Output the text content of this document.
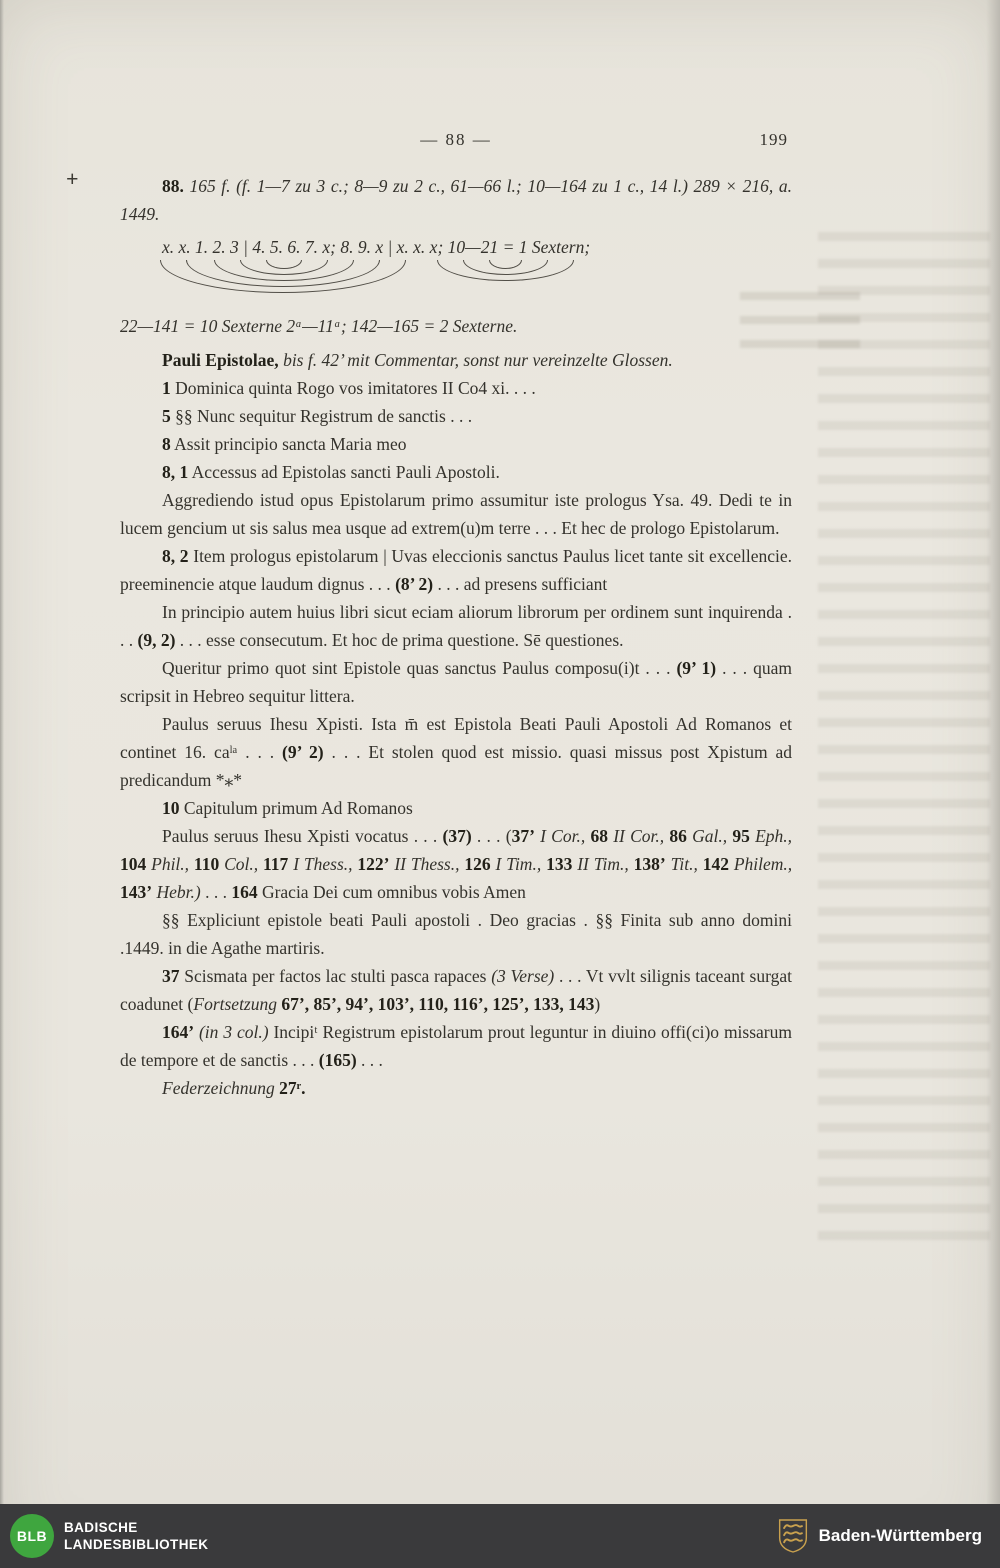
+
— 88 —	199

88. 165 f. (f. 1—7 zu 3 c.; 8—9 zu 2 c., 61—66 l.; 10—164 zu 1 c., 14 l.) 289 × 216, a. 1449.

x. x. 1. 2. 3 | 4. 5. 6. 7. x; 8. 9. x | x. x. x; 10—21 = 1 Sextern;

22—141 = 10 Sexterne 2ᵃ—11ᵃ; 142—165 = 2 Sexterne.

Pauli Epistolae, bis f. 42’ mit Commentar, sonst nur vereinzelte Glossen.

1 Dominica quinta Rogo vos imitatores II Co4 xi. . . .

5 §§ Nunc sequitur Registrum de sanctis . . .

8 Assit principio sancta Maria meo

8, 1 Accessus ad Epistolas sancti Pauli Apostoli.

Aggrediendo istud opus Epistolarum primo assumitur iste prologus Ysa. 49. Dedi te in lucem gencium ut sis salus mea usque ad extrem(u)m terre . . . Et hec de prologo Epistolarum.

8, 2 Item prologus epistolarum | Uvas eleccionis sanctus Paulus licet tante sit excellencie. preeminencie atque laudum dignus . . . (8’ 2) . . . ad presens sufficiant

In principio autem huius libri sicut eciam aliorum librorum per ordinem sunt inquirenda . . . (9, 2) . . . esse consecutum. Et hoc de prima questione. Sē questiones.

Queritur primo quot sint Epistole quas sanctus Paulus composu(i)t . . . (9’ 1) . . . quam scripsit in Hebreo sequitur littera.

Paulus seruus Ihesu Xpisti. Ista m̄ est Epistola Beati Pauli Apostoli Ad Romanos et continet 16. caˡᵃ . . . (9’ 2) . . . Et stolen quod est missio. quasi missus post Xpistum ad predicandum *⁎*

10 Capitulum primum Ad Romanos

Paulus seruus Ihesu Xpisti vocatus . . . (37) . . . (37’ I Cor., 68 II Cor., 86 Gal., 95 Eph., 104 Phil., 110 Col., 117 I Thess., 122’ II Thess., 126 I Tim., 133 II Tim., 138’ Tit., 142 Philem., 143’ Hebr.) . . . 164 Gracia Dei cum omnibus vobis Amen

§§ Expliciunt epistole beati Pauli apostoli . Deo gracias . §§ Finita sub anno domini .1449. in die Agathe martiris.

37 Scismata per factos lac stulti pasca rapaces (3 Verse) . . . Vt vvlt silignis taceant surgat coadunet (Fortsetzung 67’, 85’, 94’, 103’, 110, 116’, 125’, 133, 143)

164’ (in 3 col.) Incipiᵗ Registrum epistolarum prout leguntur in diuino offi(ci)o missarum de tempore et de sanctis . . . (165) . . .

Federzeichnung 27ʳ.

BLB
BADISCHE
LANDESBIBLIOTHEK	Baden-Württemberg
